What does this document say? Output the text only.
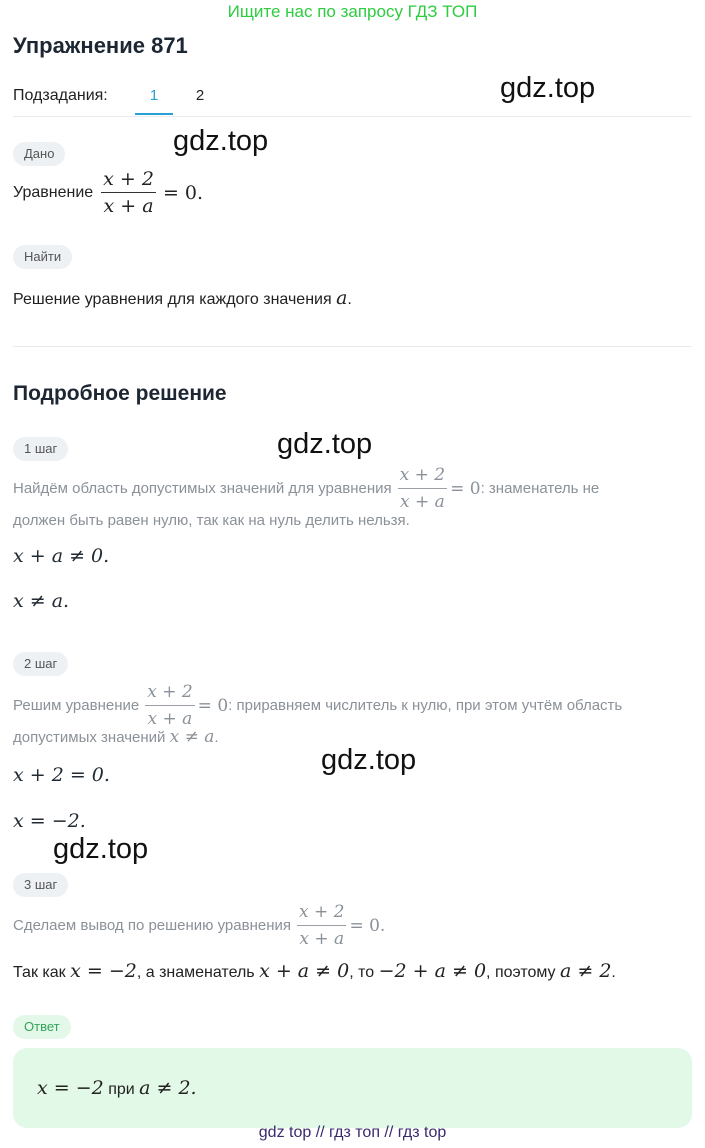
Ищите нас по запросу ГДЗ ТОП
Упражнение 871
Подзадания:	1	2	gdz.top
gdz.top
gdz.top
gdz.top
gdz.top
Дано
Уравнение $\frac{x + 2}{x + a} = 0$.
Найти
Решение уравнения для каждого значения a.
Подробное решение
1 шаг
Найдём область допустимых значений для уравнения $\frac{x + 2}{x + a} = 0$ : знаменатель не
должен быть равен нулю, так как на нуль делить нельзя.
x + a ≠ 0.
x ≠ a.
2 шаг
Решим уравнение $\frac{x + 2}{x + a} = 0$ : приравняем числитель к нулю, при этом учтём область
допустимых значений x ≠ a.
x + 2 = 0.
x = −2.
3 шаг
Сделаем вывод по решению уравнения $\frac{x + 2}{x + a} = 0$.
Так как x = −2, а знаменатель x + a ≠ 0, то −2 + a ≠ 0, поэтому a ≠ 2.
Ответ
x = −2 при a ≠ 2.
gdz top // гдз топ // гдз top
